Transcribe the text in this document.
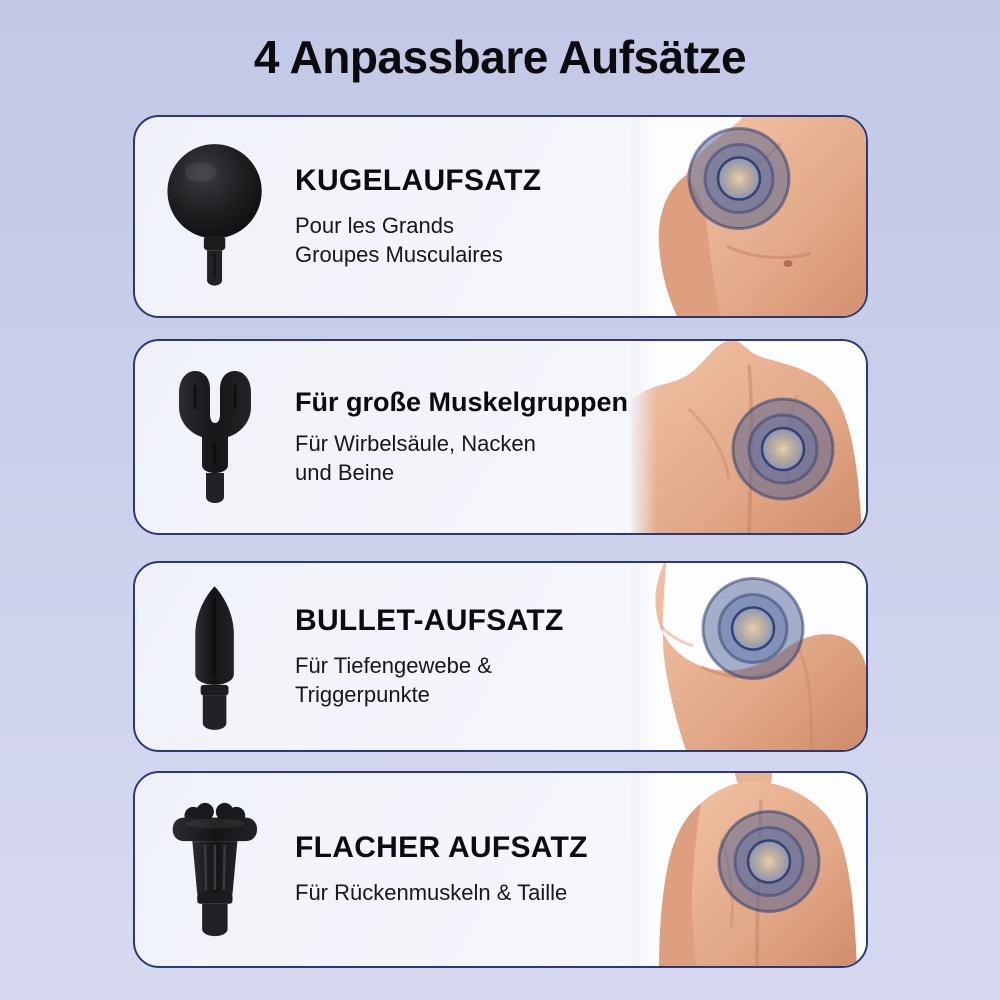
4 Anpassbare Aufsätze
KUGELAUFSATZ

Pour les Grands
Groupes Musculaires

Für große Muskelgruppen

Für Wirbelsäule, Nacken
und Beine

BULLET-AUFSATZ

Für Tiefengewebe &
Triggerpunkte

FLACHER AUFSATZ

Für Rückenmuskeln & Taille
